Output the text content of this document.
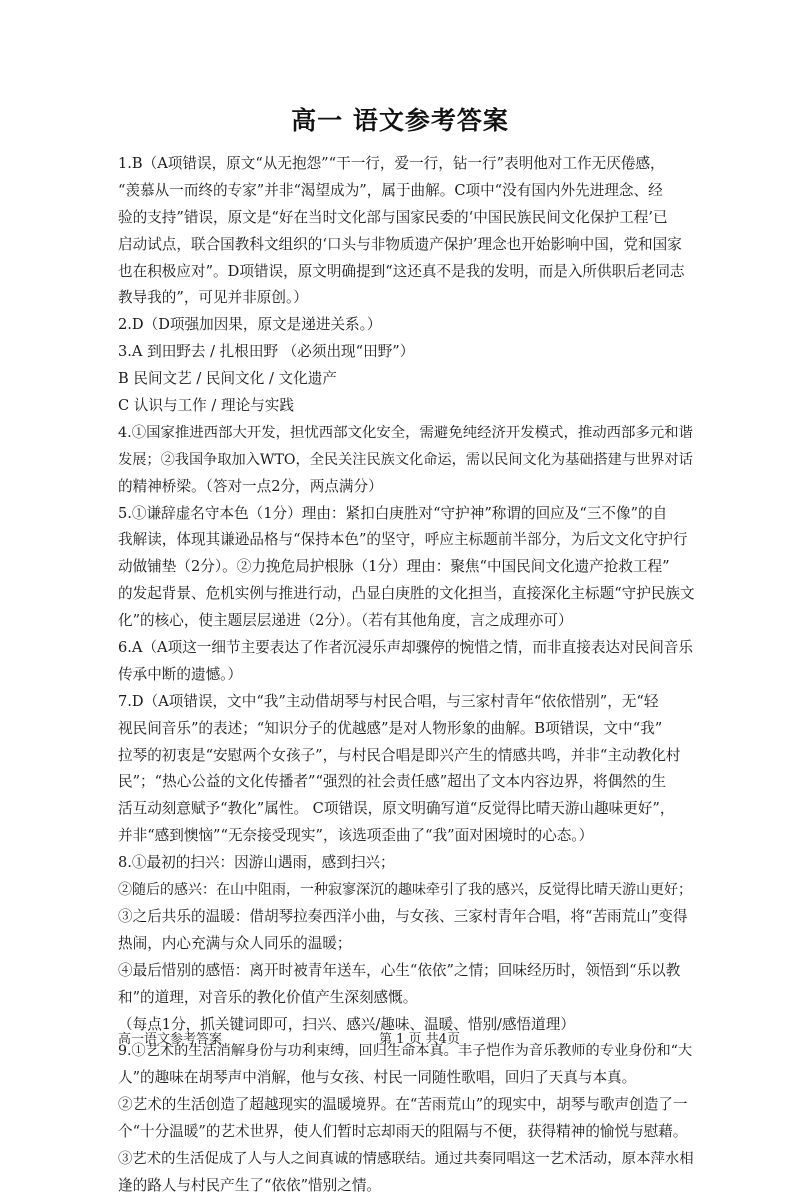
高一 语文参考答案
1.B（A项错误，原文“从无抱怨”“干一行，爱一行，钻一行”表明他对工作无厌倦感，
“羡慕从一而终的专家”并非“渴望成为”，属于曲解。C项中“没有国内外先进理念、经
验的支持”错误，原文是“好在当时文化部与国家民委的‘中国民族民间文化保护工程’已
启动试点，联合国教科文组织的‘口头与非物质遗产保护’理念也开始影响中国，党和国家
也在积极应对”。D项错误，原文明确提到“这还真不是我的发明，而是入所供职后老同志
教导我的”，可见并非原创。）
2.D（D项强加因果，原文是递进关系。）
3.A 到田野去 / 扎根田野 （必须出现“田野”）
B 民间文艺 / 民间文化 / 文化遗产
C 认识与工作 / 理论与实践
4.①国家推进西部大开发，担忧西部文化安全，需避免纯经济开发模式，推动西部多元和谐
发展；②我国争取加入WTO，全民关注民族文化命运，需以民间文化为基础搭建与世界对话
的精神桥梁。（答对一点2分，两点满分）
5.①谦辞虚名守本色（1分）理由：紧扣白庚胜对“守护神”称谓的回应及“三不像”的自
我解读，体现其谦逊品格与“保持本色”的坚守，呼应主标题前半部分，为后文文化守护行
动做铺垫（2分）。②力挽危局护根脉（1分）理由：聚焦“中国民间文化遗产抢救工程”
的发起背景、危机实例与推进行动，凸显白庚胜的文化担当，直接深化主标题“守护民族文
化”的核心，使主题层层递进（2分）。（若有其他角度，言之成理亦可）
6.A（A项这一细节主要表达了作者沉浸乐声却骤停的惋惜之情，而非直接表达对民间音乐
传承中断的遗憾。）
7.D（A项错误，文中“我”主动借胡琴与村民合唱，与三家村青年“依依惜别”，无“轻
视民间音乐”的表述；“知识分子的优越感”是对人物形象的曲解。B项错误，文中“我”
拉琴的初衷是“安慰两个女孩子”，与村民合唱是即兴产生的情感共鸣，并非“主动教化村
民”；“热心公益的文化传播者”“强烈的社会责任感”超出了文本内容边界，将偶然的生
活互动刻意赋予“教化”属性。 C项错误，原文明确写道“反觉得比晴天游山趣味更好”，
并非“感到懊恼”“无奈接受现实”，该选项歪曲了“我”面对困境时的心态。）
8.①最初的扫兴：因游山遇雨，感到扫兴；
②随后的感兴：在山中阻雨，一种寂寥深沉的趣味牵引了我的感兴，反觉得比晴天游山更好；
③之后共乐的温暖：借胡琴拉奏西洋小曲，与女孩、三家村青年合唱，将“苦雨荒山”变得
热闹，内心充满与众人同乐的温暖；
④最后惜别的感悟：离开时被青年送车，心生“依依”之情；回味经历时，领悟到“乐以教
和”的道理，对音乐的教化价值产生深刻感慨。
（每点1分，抓关键词即可，扫兴、感兴/趣味、温暖、惜别/感悟道理）
9.①艺术的生活消解身份与功利束缚，回归生命本真。丰子恺作为音乐教师的专业身份和“大
人”的趣味在胡琴声中消解，他与女孩、村民一同随性歌唱，回归了天真与本真。
②艺术的生活创造了超越现实的温暖境界。在“苦雨荒山”的现实中，胡琴与歌声创造了一
个“十分温暖”的艺术世界，使人们暂时忘却雨天的阻隔与不便，获得精神的愉悦与慰藉。
③艺术的生活促成了人与人之间真诚的情感联结。通过共奏同唱这一艺术活动，原本萍水相
逢的路人与村民产生了“依依”惜别之情。
高一语文参考答案	第 1 页 共4页
